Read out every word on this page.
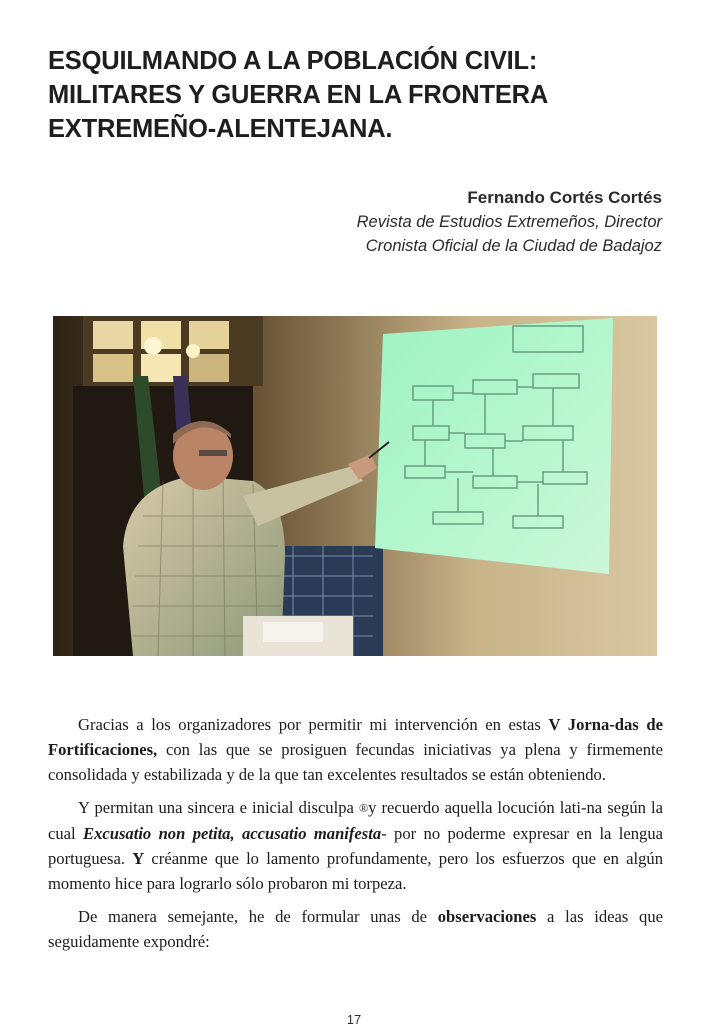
ESQUILMANDO A LA POBLACIÓN CIVIL:
MILITARES Y GUERRA EN LA FRONTERA
EXTREMEÑO-ALENTEJANA.
Fernando Cortés Cortés
Revista de Estudios Extremeños, Director
Cronista Oficial de la Ciudad de Badajoz

Gracias a los organizadores por permitir mi intervención en estas V Jorna-das de Fortificaciones, con las que se prosiguen fecundas iniciativas ya plena y firmemente consolidada y estabilizada y de la que tan excelentes resultados se están obteniendo.

Y permitan una sincera e inicial disculpa ®y recuerdo aquella locución lati-na según la cual Excusatio non petita, accusatio manifesta- por no poderme expresar en la lengua portuguesa. Y créanme que lo lamento profundamente, pero los esfuerzos que en algún momento hice para lograrlo sólo probaron mi torpeza.

De manera semejante, he de formular unas de observaciones a las ideas que seguidamente expondré:

17
